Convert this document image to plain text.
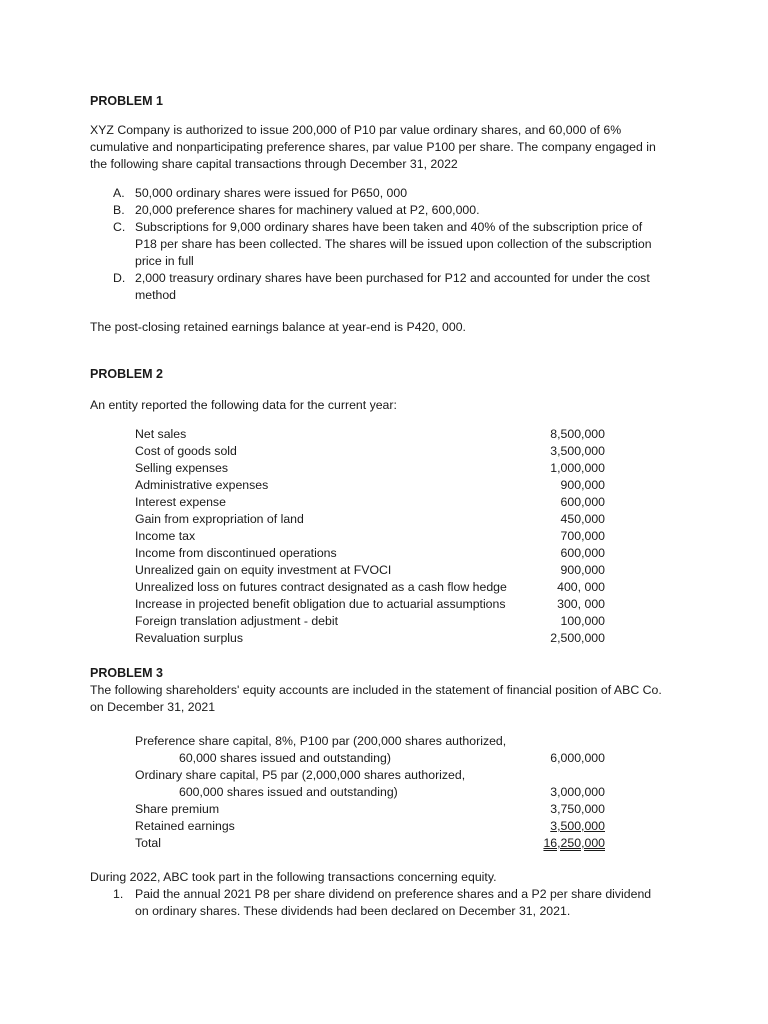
PROBLEM 1

XYZ Company is authorized to issue 200,000 of P10 par value ordinary shares, and 60,000 of 6%

cumulative and nonparticipating preference shares, par value P100 per share. The company engaged in

the following share capital transactions through December 31, 2022

A. 50,000 ordinary shares were issued for P650, 000

B. 20,000 preference shares for machinery valued at P2, 600,000.

C. Subscriptions for 9,000 ordinary shares have been taken and 40% of the subscription price of

P18 per share has been collected. The shares will be issued upon collection of the subscription

price in full

D. 2,000 treasury ordinary shares have been purchased for P12 and accounted for under the cost

method

The post-closing retained earnings balance at year-end is P420, 000.

PROBLEM 2

An entity reported the following data for the current year:

Net sales	8,500,000
Cost of goods sold	3,500,000
Selling expenses	1,000,000
Administrative expenses	900,000
Interest expense	600,000
Gain from expropriation of land	450,000
Income tax	700,000
Income from discontinued operations	600,000
Unrealized gain on equity investment at FVOCI	900,000
Unrealized loss on futures contract designated as a cash flow hedge	400, 000
Increase in projected benefit obligation due to actuarial assumptions	300, 000
Foreign translation adjustment - debit	100,000
Revaluation surplus	2,500,000
PROBLEM 3

The following shareholders' equity accounts are included in the statement of financial position of ABC Co.

on December 31, 2021

Preference share capital, 8%, P100 par (200,000 shares authorized,
60,000 shares issued and outstanding)	6,000,000
Ordinary share capital, P5 par (2,000,000 shares authorized,
600,000 shares issued and outstanding)	3,000,000
Share premium	3,750,000
Retained earnings	3,500,000
Total	16,250,000

During 2022, ABC took part in the following transactions concerning equity.

1. Paid the annual 2021 P8 per share dividend on preference shares and a P2 per share dividend

on ordinary shares. These dividends had been declared on December 31, 2021.
